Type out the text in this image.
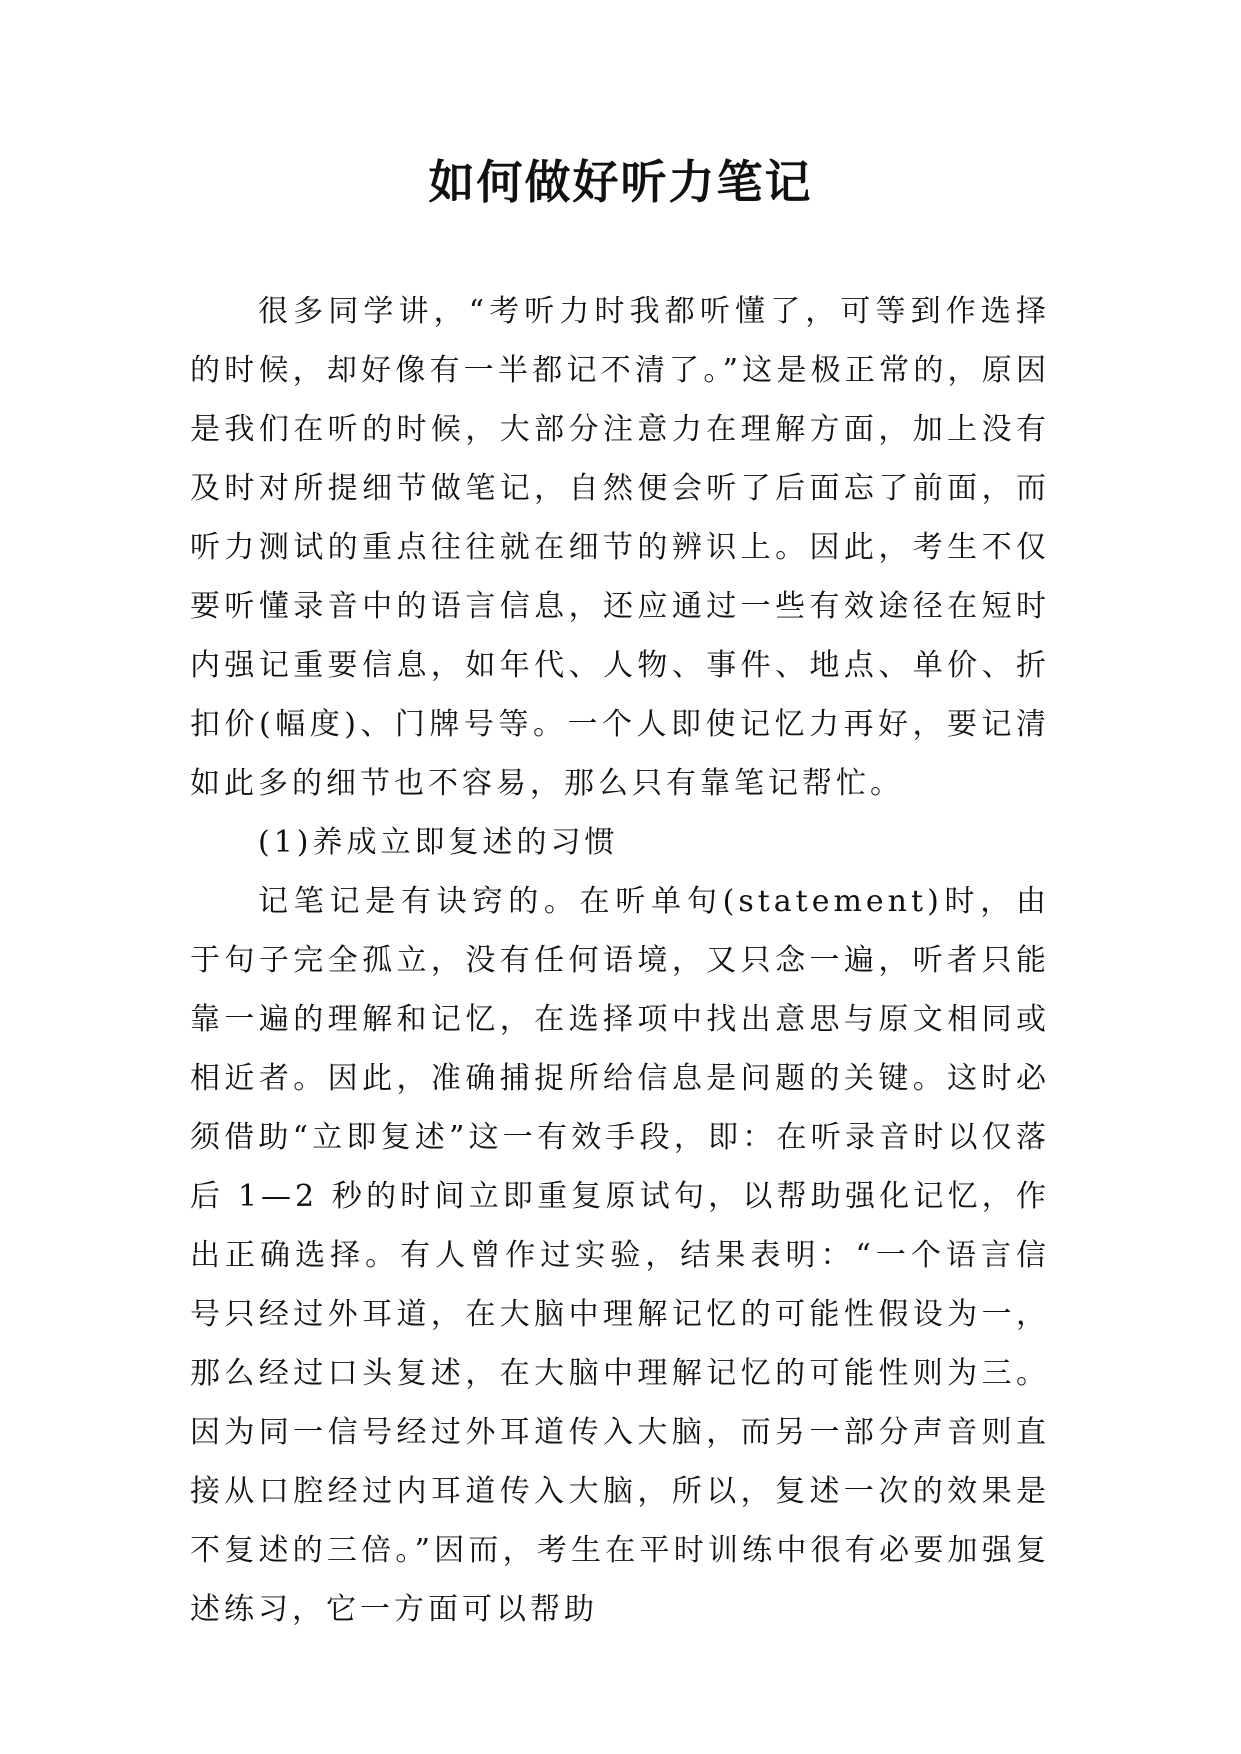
如何做好听力笔记

很多同学讲，“考听力时我都听懂了，可等到作选择的时候，却好像有一半都记不清了。”这是极正常的，原因是我们在听的时候，大部分注意力在理解方面，加上没有及时对所提细节做笔记，自然便会听了后面忘了前面，而听力测试的重点往往就在细节的辨识上。因此，考生不仅要听懂录音中的语言信息，还应通过一些有效途径在短时内强记重要信息，如年代、人物、事件、地点、单价、折扣价(幅度)、门牌号等。一个人即使记忆力再好，要记清如此多的细节也不容易，那么只有靠笔记帮忙。

(1)养成立即复述的习惯

记笔记是有诀窍的。在听单句(statement)时，由于句子完全孤立，没有任何语境，又只念一遍，听者只能靠一遍的理解和记忆，在选择项中找出意思与原文相同或相近者。因此，准确捕捉所给信息是问题的关键。这时必须借助“立即复述”这一有效手段，即：在听录音时以仅落后 1—2 秒的时间立即重复原试句，以帮助强化记忆，作出正确选择。有人曾作过实验，结果表明：“一个语言信号只经过外耳道，在大脑中理解记忆的可能性假设为一，那么经过口头复述，在大脑中理解记忆的可能性则为三。因为同一信号经过外耳道传入大脑，而另一部分声音则直接从口腔经过内耳道传入大脑，所以，复述一次的效果是不复述的三倍。”因而，考生在平时训练中很有必要加强复述练习，它一方面可以帮助
